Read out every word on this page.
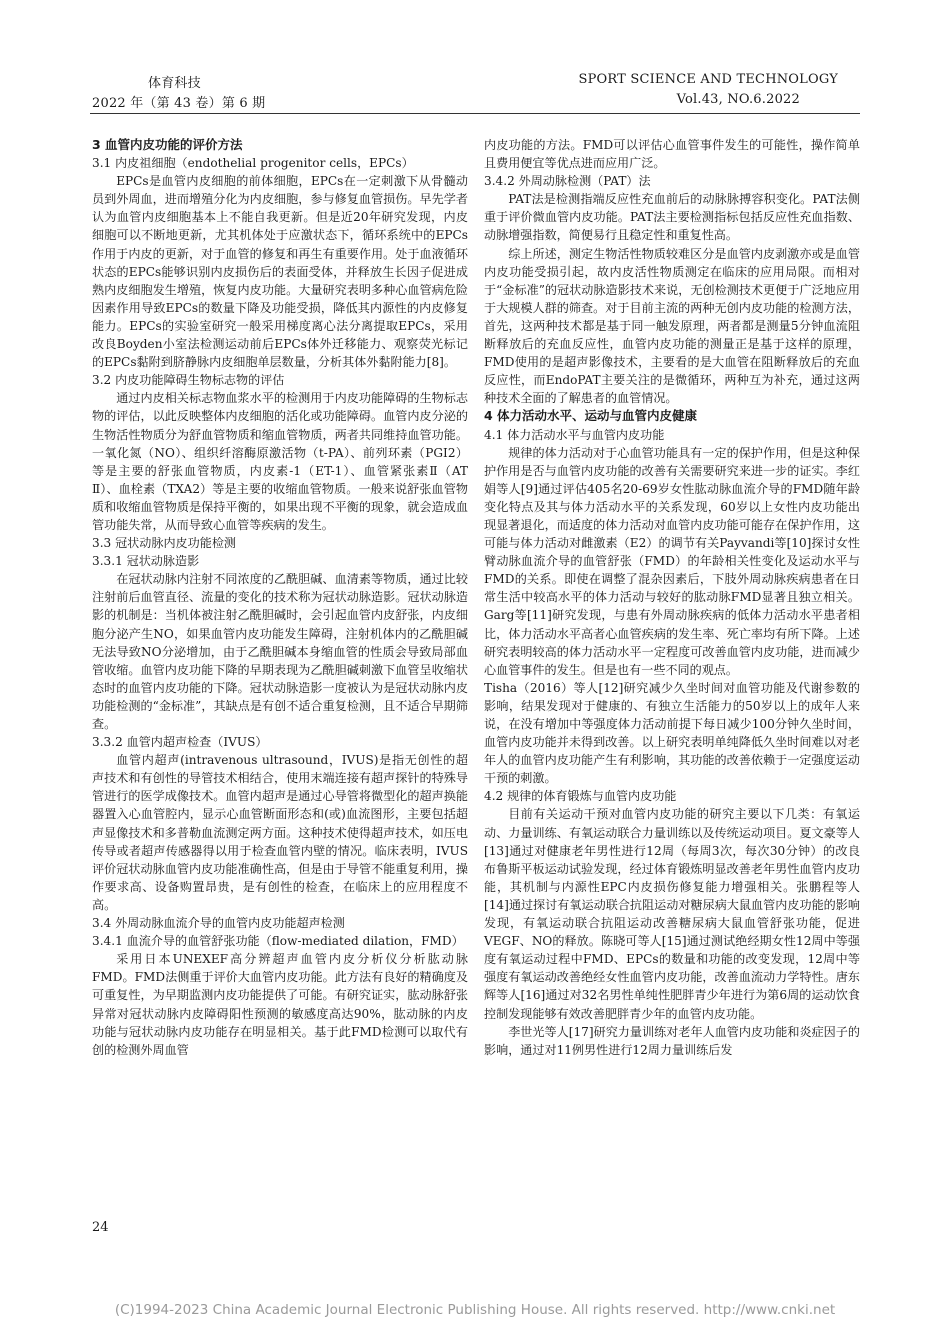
体育科技
2022 年（第 43 卷）第 6 期
SPORT SCIENCE AND TECHNOLOGY
Vol.43, NO.6.2022

3 血管内皮功能的评价方法

3.1 内皮祖细胞（endothelial progenitor cells，EPCs）

EPCs是血管内皮细胞的前体细胞，EPCs在一定刺激下从骨髓动员到外周血，进而增殖分化为内皮细胞，参与修复血管损伤。早先学者认为血管内皮细胞基本上不能自我更新。但是近20年研究发现，内皮细胞可以不断地更新，尤其机体处于应激状态下，循环系统中的EPCs作用于内皮的更新，对于血管的修复和再生有重要作用。处于血液循环状态的EPCs能够识别内皮损伤后的表面受体，并释放生长因子促进成熟内皮细胞发生增殖，恢复内皮功能。大量研究表明多种心血管病危险因素作用导致EPCs的数量下降及功能受损，降低其内源性的内皮修复能力。EPCs的实验室研究一般采用梯度离心法分离提取EPCs，采用改良Boyden小室法检测运动前后EPCs体外迁移能力、观察荧光标记的EPCs黏附到脐静脉内皮细胞单层数量，分析其体外黏附能力[8]。

3.2 内皮功能障碍生物标志物的评估

通过内皮相关标志物血浆水平的检测用于内皮功能障碍的生物标志物的评估，以此反映整体内皮细胞的活化或功能障碍。血管内皮分泌的生物活性物质分为舒血管物质和缩血管物质，两者共同维持血管功能。一氧化氮（NO）、组织纤溶酶原激活物（t-PA）、前列环素（PGI2）等是主要的舒张血管物质，内皮素-1（ET-1）、血管紧张素Ⅱ（AT Ⅱ）、血栓素（TXA2）等是主要的收缩血管物质。一般来说舒张血管物质和收缩血管物质是保持平衡的，如果出现不平衡的现象，就会造成血管功能失常，从而导致心血管等疾病的发生。

3.3 冠状动脉内皮功能检测

3.3.1 冠状动脉造影

在冠状动脉内注射不同浓度的乙酰胆碱、血清素等物质，通过比较注射前后血管直径、流量的变化的技术称为冠状动脉造影。冠状动脉造影的机制是：当机体被注射乙酰胆碱时，会引起血管内皮舒张，内皮细胞分泌产生NO，如果血管内皮功能发生障碍，注射机体内的乙酰胆碱无法导致NO分泌增加，由于乙酰胆碱本身缩血管的性质会导致局部血管收缩。血管内皮功能下降的早期表现为乙酰胆碱刺激下血管呈收缩状态时的血管内皮功能的下降。冠状动脉造影一度被认为是冠状动脉内皮功能检测的“金标准”，其缺点是有创不适合重复检测，且不适合早期筛查。

3.3.2 血管内超声检查（IVUS）

血管内超声(intravenous ultrasound，IVUS)是指无创性的超声技术和有创性的导管技术相结合，使用末端连接有超声探针的特殊导管进行的医学成像技术。血管内超声是通过心导管将微型化的超声换能器置入心血管腔内，显示心血管断面形态和(或)血流图形，主要包括超声显像技术和多普勒血流测定两方面。这种技术使得超声技术，如压电传导或者超声传感器得以用于检查血管内壁的情况。临床表明，IVUS评价冠状动脉血管内皮功能准确性高，但是由于导管不能重复利用，操作要求高、设备购置昂贵，是有创性的检查，在临床上的应用程度不高。

3.4 外周动脉血流介导的血管内皮功能超声检测

3.4.1 血流介导的血管舒张功能（flow-mediated dilation，FMD）

采用日本UNEXEF高分辨超声血管内皮分析仪分析肱动脉FMD。FMD法侧重于评价大血管内皮功能。此方法有良好的精确度及可重复性，为早期监测内皮功能提供了可能。有研究证实，肱动脉舒张异常对冠状动脉内皮障碍阳性预测的敏感度高达90%，肱动脉的内皮功能与冠状动脉内皮功能存在明显相关。基于此FMD检测可以取代有创的检测外周血管

内皮功能的方法。FMD可以评估心血管事件发生的可能性，操作简单且费用便宜等优点进而应用广泛。

3.4.2 外周动脉检测（PAT）法

PAT法是检测指端反应性充血前后的动脉脉搏容积变化。PAT法侧重于评价微血管内皮功能。PAT法主要检测指标包括反应性充血指数、动脉增强指数，简便易行且稳定性和重复性高。

综上所述，测定生物活性物质较难区分是血管内皮剥激亦或是血管内皮功能受损引起，故内皮活性物质测定在临床的应用局限。而相对于“金标准”的冠状动脉造影技术来说，无创检测技术更便于广泛地应用于大规模人群的筛查。对于目前主流的两种无创内皮功能的检测方法，首先，这两种技术都是基于同一触发原理，两者都是测量5分钟血流阻断释放后的充血反应性，血管内皮功能的测量正是基于这样的原理，FMD使用的是超声影像技术，主要看的是大血管在阻断释放后的充血反应性，而EndoPAT主要关注的是微循环，两种互为补充，通过这两种技术全面的了解患者的血管情况。

4 体力活动水平、运动与血管内皮健康

4.1 体力活动水平与血管内皮功能

规律的体力活动对于心血管功能具有一定的保护作用，但是这种保护作用是否与血管内皮功能的改善有关需要研究来进一步的证实。李红娟等人[9]通过评估405名20-69岁女性肱动脉血流介导的FMD随年龄变化特点及其与体力活动水平的关系发现，60岁以上女性内皮功能出现显著退化，而适度的体力活动对血管内皮功能可能存在保护作用，这可能与体力活动对雌激素（E2）的调节有关Payvandi等[10]探讨女性臂动脉血流介导的血管舒张（FMD）的年龄相关性变化及运动水平与FMD的关系。即使在调整了混杂因素后，下肢外周动脉疾病患者在日常生活中较高水平的体力活动与较好的肱动脉FMD显著且独立相关。Garg等[11]研究发现，与患有外周动脉疾病的低体力活动水平患者相比，体力活动水平高者心血管疾病的发生率、死亡率均有所下降。上述研究表明较高的体力活动水平一定程度可改善血管内皮功能，进而减少心血管事件的发生。但是也有一些不同的观点。

Tisha（2016）等人[12]研究减少久坐时间对血管功能及代谢参数的影响，结果发现对于健康的、有独立生活能力的50岁以上的成年人来说，在没有增加中等强度体力活动前提下每日减少100分钟久坐时间，血管内皮功能并未得到改善。以上研究表明单纯降低久坐时间难以对老年人的血管内皮功能产生有利影响，其功能的改善依赖于一定强度运动干预的刺激。

4.2 规律的体育锻炼与血管内皮功能

目前有关运动干预对血管内皮功能的研究主要以下几类：有氧运动、力量训练、有氧运动联合力量训练以及传统运动项目。夏文豪等人[13]通过对健康老年男性进行12周（每周3次，每次30分钟）的改良布鲁斯平板运动试验发现，经过体育锻炼明显改善老年男性血管内皮功能，其机制与内源性EPC内皮损伤修复能力增强相关。张鹏程等人[14]通过探讨有氧运动联合抗阻运动对糖尿病大鼠血管内皮功能的影响发现，有氧运动联合抗阻运动改善糖尿病大鼠血管舒张功能，促进VEGF、NO的释放。陈晓可等人[15]通过测试绝经期女性12周中等强度有氧运动过程中FMD、EPCs的数量和功能的改变发现，12周中等强度有氧运动改善绝经女性血管内皮功能，改善血流动力学特性。唐东辉等人[16]通过对32名男性单纯性肥胖青少年进行为第6周的运动饮食控制发现能够有效改善肥胖青少年的血管内皮功能。

李世光等人[17]研究力量训练对老年人血管内皮功能和炎症因子的影响，通过对11例男性进行12周力量训练后发

24
(C)1994-2023 China Academic Journal Electronic Publishing House. All rights reserved. http://www.cnki.net
